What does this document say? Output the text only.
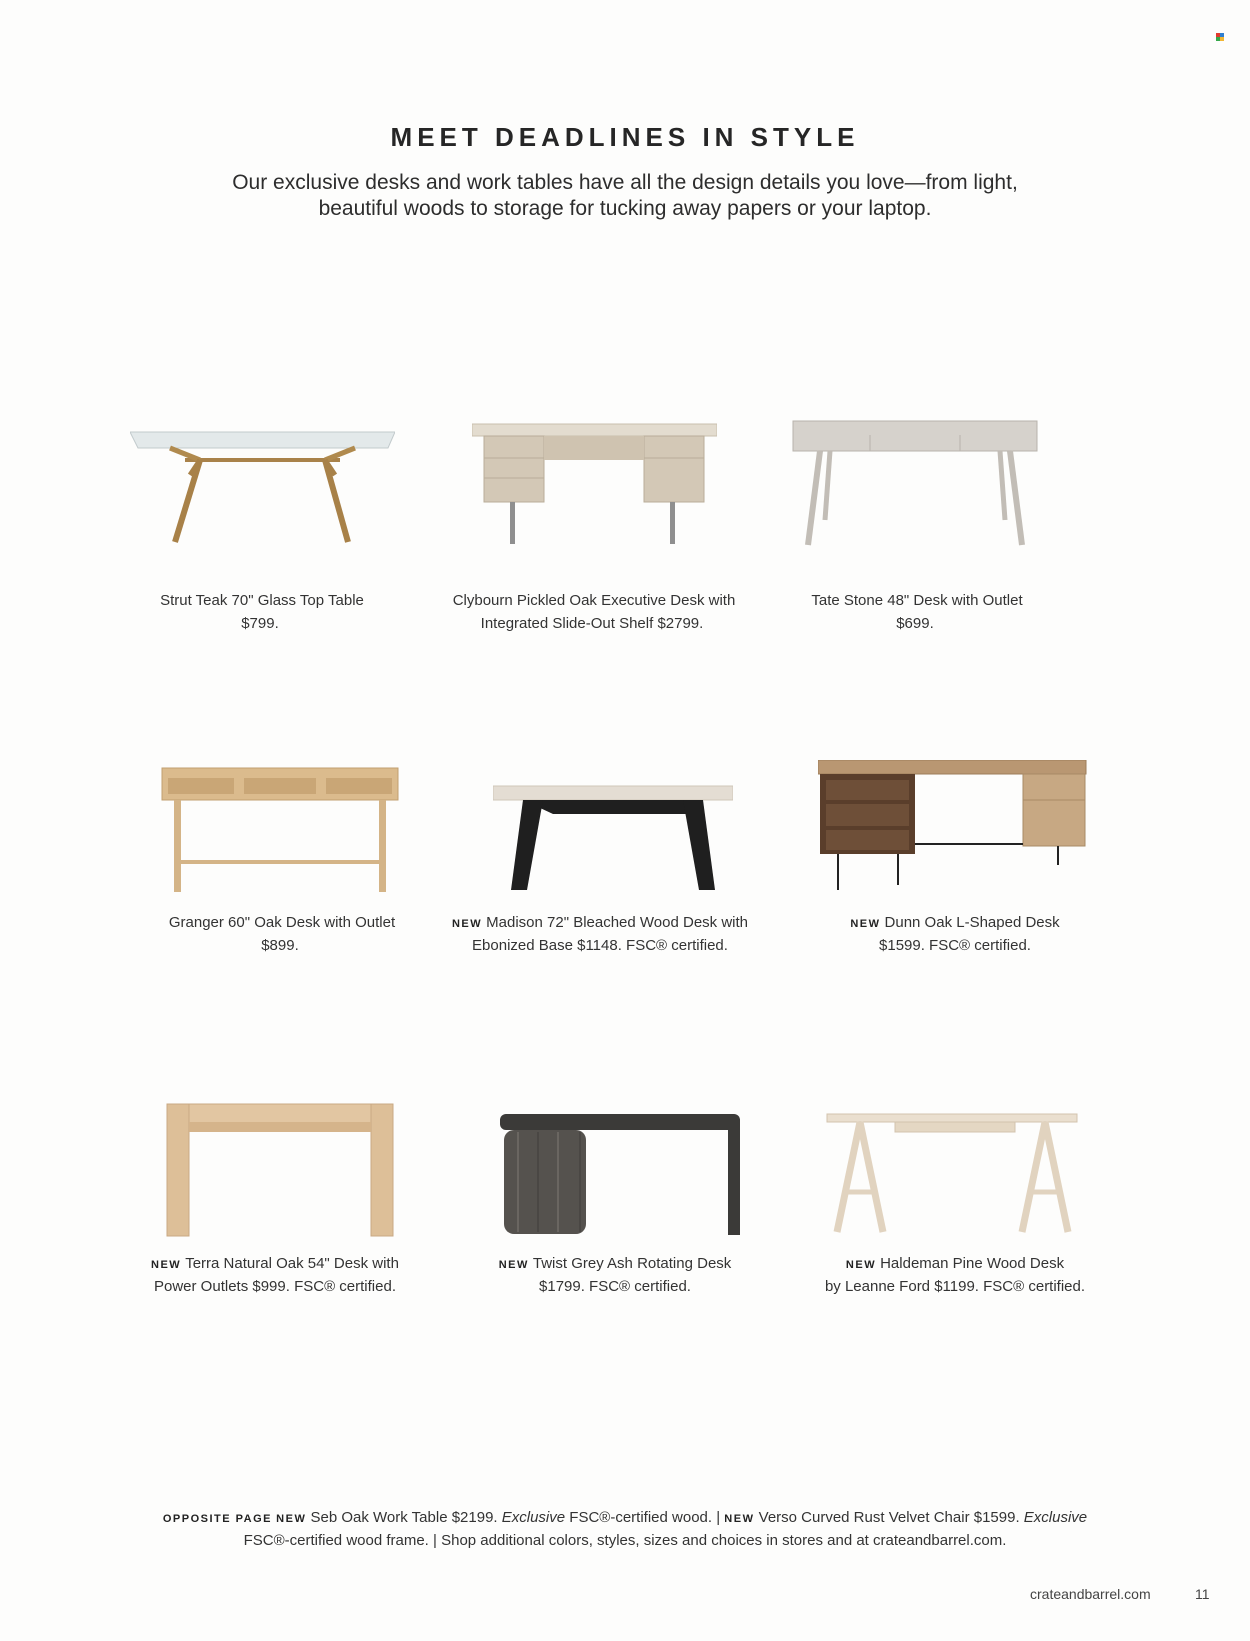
MEET DEADLINES IN STYLE

Our exclusive desks and work tables have all the design details you love—from light,
beautiful woods to storage for tucking away papers or your laptop.

Strut Teak 70" Glass Top Table
$799.

Clybourn Pickled Oak Executive Desk with
Integrated Slide-Out Shelf $2799.

Tate Stone 48" Desk with Outlet
$699.

Granger 60" Oak Desk with Outlet
$899.

NEW Madison 72" Bleached Wood Desk with
Ebonized Base $1148. FSC® certified.

NEW Dunn Oak L-Shaped Desk
$1599. FSC® certified.

NEW Terra Natural Oak 54" Desk with
Power Outlets $999. FSC® certified.

NEW Twist Grey Ash Rotating Desk
$1799. FSC® certified.

NEW Haldeman Pine Wood Desk
by Leanne Ford $1199. FSC® certified.

OPPOSITE PAGE NEW Seb Oak Work Table $2199. Exclusive FSC®-certified wood. | NEW Verso Curved Rust Velvet Chair $1599. Exclusive
FSC®-certified wood frame. | Shop additional colors, styles, sizes and choices in stores and at crateandbarrel.com.

crateandbarrel.com	11
